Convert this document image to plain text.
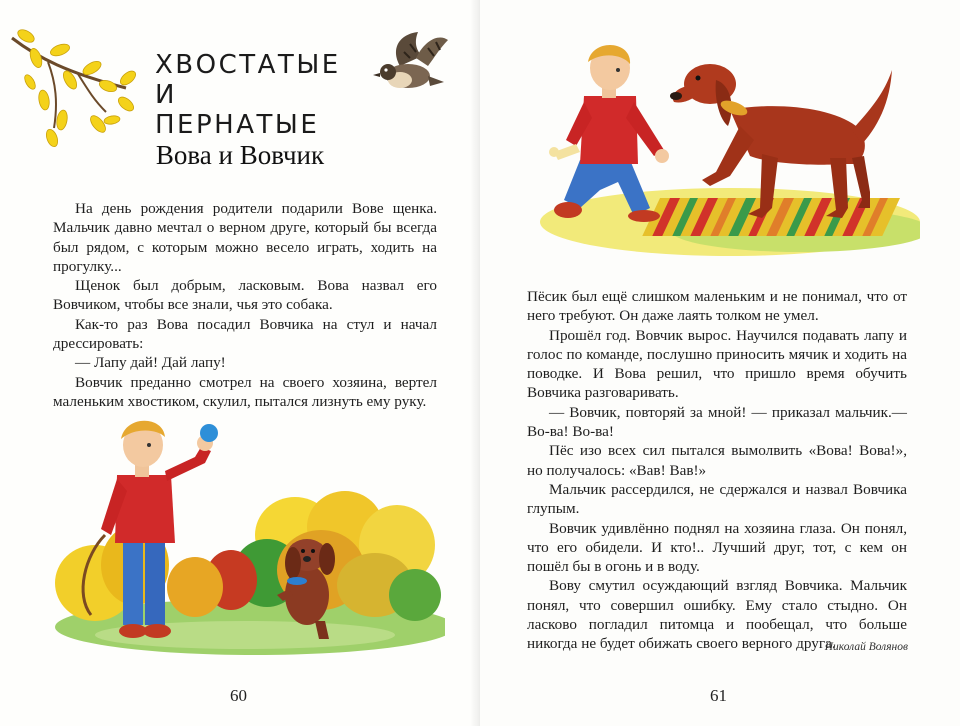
ХВОСТАТЫЕ
И ПЕРНАТЫЕ
Вова и Вовчик

На день рождения родители подарили Вове щенка. Мальчик давно мечтал о верном друге, который бы всегда был рядом, с которым можно весело играть, ходить на прогулку...

Щенок был добрым, ласковым. Вова назвал его Вовчиком, чтобы все знали, чья это собака.

Как-то раз Вова посадил Вовчика на стул и начал дрессировать:

— Лапу дай! Дай лапу!

Вовчик преданно смотрел на своего хозяина, вертел маленьким хвостиком, скулил, пытался лизнуть ему руку.

60

Пёсик был ещё слишком маленьким и не понимал, что от него требуют. Он даже лаять толком не умел.

Прошёл год. Вовчик вырос. Научился подавать лапу и голос по команде, послушно приносить мячик и ходить на поводке. И Вова решил, что пришло время обучить Вовчика разговаривать.

— Вовчик, повторяй за мной! — приказал мальчик.— Во-ва! Во-ва!

Пёс изо всех сил пытался вымолвить «Вова! Вова!», но получалось: «Вав! Вав!»

Мальчик рассердился, не сдержался и назвал Вовчика глупым.

Вовчик удивлённо поднял на хозяина глаза. Он понял, что его обидели. И кто!.. Лучший друг, тот, с кем он пошёл бы в огонь и в воду.

Вову смутил осуждающий взгляд Вовчика. Мальчик понял, что совершил ошибку. Ему стало стыдно. Он ласково погладил питомца и пообещал, что больше никогда не будет обижать своего верного друга.

Николай Волянов
61
